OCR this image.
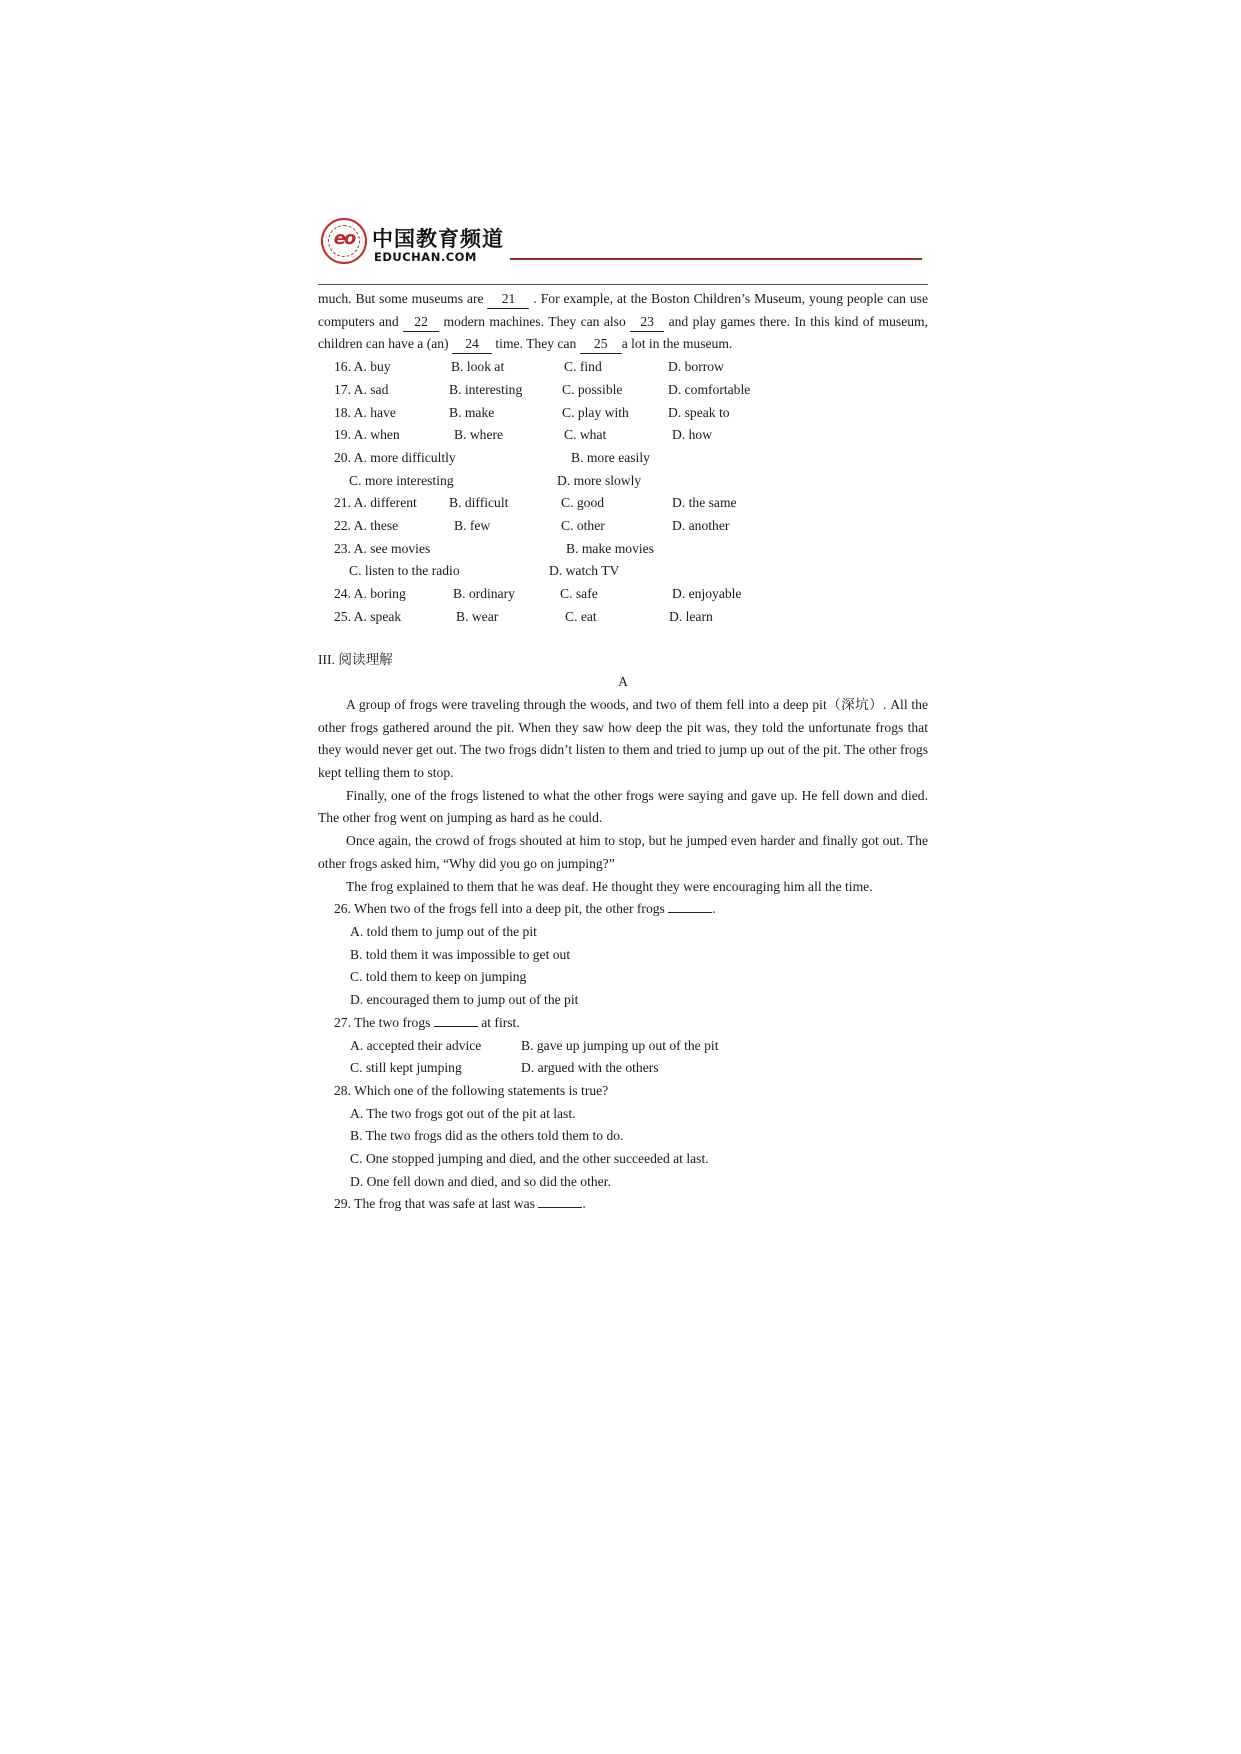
eo 中国教育频道
EDUCHAN.COM

much. But some museums are 21 . For example, at the Boston Children’s Museum, young people can use computers and 22 modern machines. They can also 23 and play games there. In this kind of museum, children can have a (an) 24 time. They can 25 a lot in the museum.

16. A. buy	B. look at	C. find	D. borrow
17. A. sad	B. interesting	C. possible	D. comfortable
18. A. have	B. make	C. play with	D. speak to
19. A. when	B. where	C. what	D. how
20. A. more difficultly	B. more easily
C. more interesting	D. more slowly
21. A. different B. difficult	C. good	D. the same
22. A. these	B. few	C. other	D. another
23. A. see movies	B. make movies
C. listen to the radio	D. watch TV
24. A. boring	B. ordinary	C. safe	D. enjoyable
25. A. speak	B. wear	C. eat	D. learn
III. 阅读理解
A

A group of frogs were traveling through the woods, and two of them fell into a deep pit（深坑）. All the other frogs gathered around the pit. When they saw how deep the pit was, they told the unfortunate frogs that they would never get out. The two frogs didn’t listen to them and tried to jump up out of the pit. The other frogs kept telling them to stop.

Finally, one of the frogs listened to what the other frogs were saying and gave up. He fell down and died. The other frog went on jumping as hard as he could.

Once again, the crowd of frogs shouted at him to stop, but he jumped even harder and finally got out. The other frogs asked him, “Why did you go on jumping?”

The frog explained to them that he was deaf. He thought they were encouraging him all the time.

26. When two of the frogs fell into a deep pit, the other frogs	.
A. told them to jump out of the pit
B. told them it was impossible to get out
C. told them to keep on jumping
D. encouraged them to jump out of the pit
27. The two frogs	at first.
A. accepted their advice	B. gave up jumping up out of the pit
C. still kept jumping	D. argued with the others
28. Which one of the following statements is true?
A. The two frogs got out of the pit at last.
B. The two frogs did as the others told them to do.
C. One stopped jumping and died, and the other succeeded at last.
D. One fell down and died, and so did the other.
29. The frog that was safe at last was	.
